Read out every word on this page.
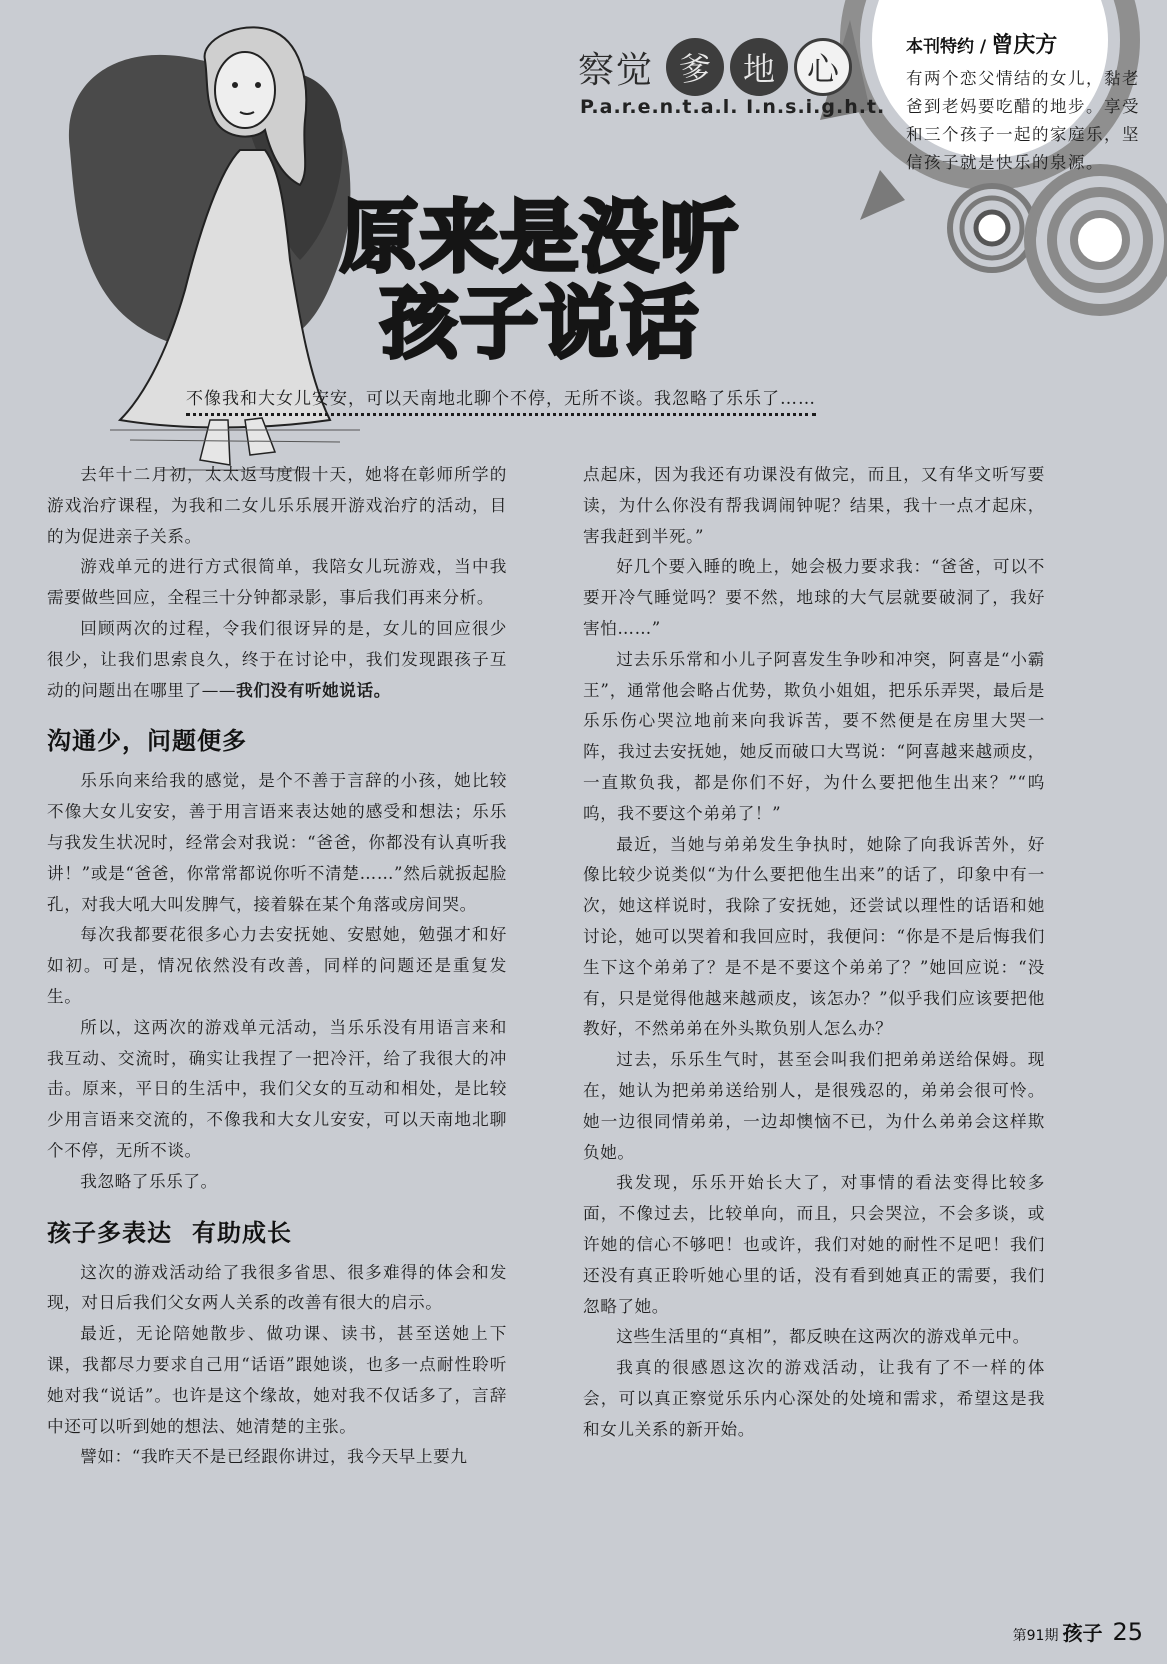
察觉 爹 地 心
P.a.r.e.n.t.a.l. I.n.s.i.g.h.t.
本刊特约 / 曾庆方
有两个恋父情结的女儿，黏老爸到老妈要吃醋的地步。享受和三个孩子一起的家庭乐，坚信孩子就是快乐的泉源。
原来是没听
孩子说话
不像我和大女儿安安，可以天南地北聊个不停，无所不谈。我忽略了乐乐了……

去年十二月初，太太返马度假十天，她将在彰师所学的游戏治疗课程，为我和二女儿乐乐展开游戏治疗的活动，目的为促进亲子关系。

游戏单元的进行方式很简单，我陪女儿玩游戏，当中我需要做些回应，全程三十分钟都录影，事后我们再来分析。

回顾两次的过程，令我们很讶异的是，女儿的回应很少很少，让我们思索良久，终于在讨论中，我们发现跟孩子互动的问题出在哪里了——我们没有听她说话。

沟通少，问题便多

乐乐向来给我的感觉，是个不善于言辞的小孩，她比较不像大女儿安安，善于用言语来表达她的感受和想法；乐乐与我发生状况时，经常会对我说：“爸爸，你都没有认真听我讲！”或是“爸爸，你常常都说你听不清楚……”然后就扳起脸孔，对我大吼大叫发脾气，接着躲在某个角落或房间哭。

每次我都要花很多心力去安抚她、安慰她，勉强才和好如初。可是，情况依然没有改善，同样的问题还是重复发生。

所以，这两次的游戏单元活动，当乐乐没有用语言来和我互动、交流时，确实让我捏了一把冷汗，给了我很大的冲击。原来，平日的生活中，我们父女的互动和相处，是比较少用言语来交流的，不像我和大女儿安安，可以天南地北聊个不停，无所不谈。

我忽略了乐乐了。

孩子多表达 有助成长

这次的游戏活动给了我很多省思、很多难得的体会和发现，对日后我们父女两人关系的改善有很大的启示。

最近，无论陪她散步、做功课、读书，甚至送她上下课，我都尽力要求自己用“话语”跟她谈，也多一点耐性聆听她对我“说话”。也许是这个缘故，她对我不仅话多了，言辞中还可以听到她的想法、她清楚的主张。

譬如：“我昨天不是已经跟你讲过，我今天早上要九

点起床，因为我还有功课没有做完，而且，又有华文听写要读，为什么你没有帮我调闹钟呢？结果，我十一点才起床，害我赶到半死。”

好几个要入睡的晚上，她会极力要求我：“爸爸，可以不要开冷气睡觉吗？要不然，地球的大气层就要破洞了，我好害怕……”

过去乐乐常和小儿子阿喜发生争吵和冲突，阿喜是“小霸王”，通常他会略占优势，欺负小姐姐，把乐乐弄哭，最后是乐乐伤心哭泣地前来向我诉苦，要不然便是在房里大哭一阵，我过去安抚她，她反而破口大骂说：“阿喜越来越顽皮，一直欺负我，都是你们不好，为什么要把他生出来？”“呜呜，我不要这个弟弟了！”

最近，当她与弟弟发生争执时，她除了向我诉苦外，好像比较少说类似“为什么要把他生出来”的话了，印象中有一次，她这样说时，我除了安抚她，还尝试以理性的话语和她讨论，她可以哭着和我回应时，我便问：“你是不是后悔我们生下这个弟弟了？是不是不要这个弟弟了？”她回应说：“没有，只是觉得他越来越顽皮，该怎办？”似乎我们应该要把他教好，不然弟弟在外头欺负别人怎么办？

过去，乐乐生气时，甚至会叫我们把弟弟送给保姆。现在，她认为把弟弟送给别人，是很残忍的，弟弟会很可怜。她一边很同情弟弟，一边却懊恼不已，为什么弟弟会这样欺负她。

我发现，乐乐开始长大了，对事情的看法变得比较多面，不像过去，比较单向，而且，只会哭泣，不会多谈，或许她的信心不够吧！也或许，我们对她的耐性不足吧！我们还没有真正聆听她心里的话，没有看到她真正的需要，我们忽略了她。

这些生活里的“真相”，都反映在这两次的游戏单元中。

我真的很感恩这次的游戏活动，让我有了不一样的体会，可以真正察觉乐乐内心深处的处境和需求，希望这是我和女儿关系的新开始。

第91期 孩子 25
